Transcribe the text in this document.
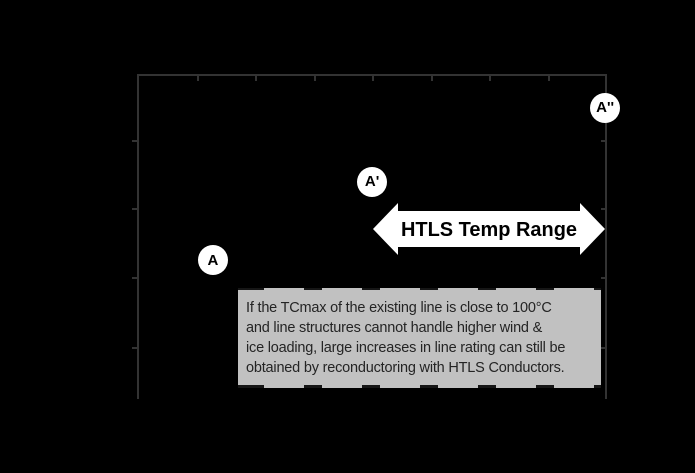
A
A'
A''
HTLS Temp Range
If the TCmax of the existing line is close to 100°C
and line structures cannot handle higher wind &
ice loading, large increases in line rating can still be
obtained by reconductoring with HTLS Conductors.
